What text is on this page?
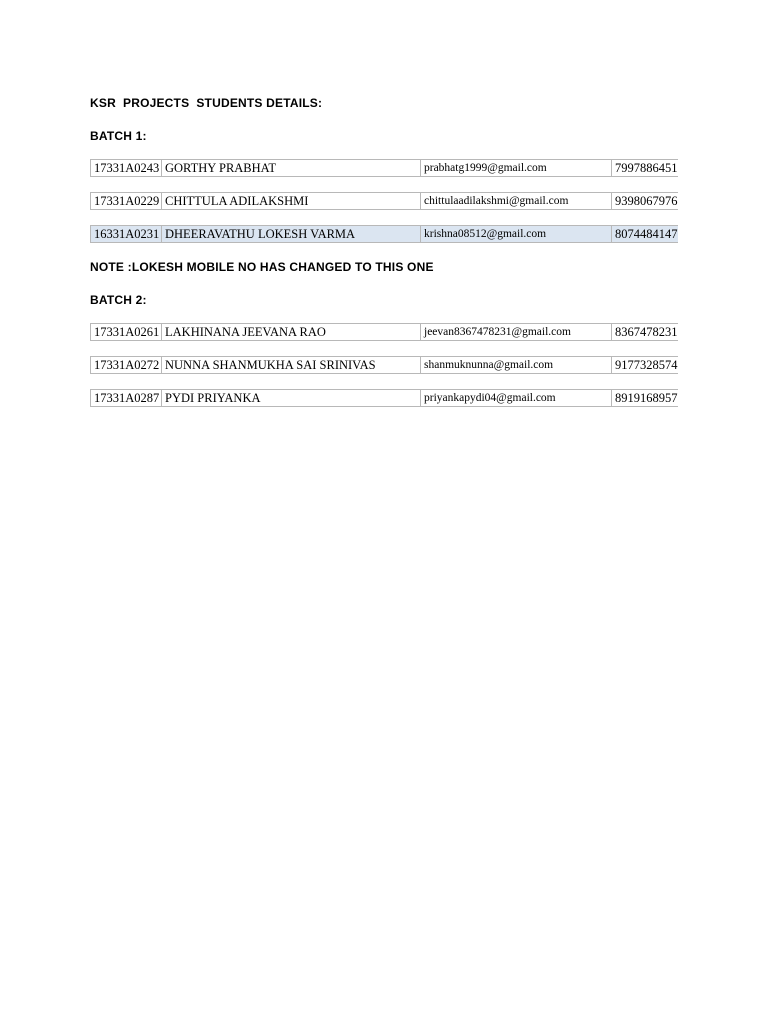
KSR  PROJECTS  STUDENTS DETAILS:
BATCH 1:
17331A0243 GORTHY PRABHAT	prabhatg1999@gmail.com	7997886451
17331A0229 CHITTULA ADILAKSHMI	chittulaadilakshmi@gmail.com	9398067976
16331A0231 DHEERAVATHU LOKESH VARMA	krishna08512@gmail.com	8074484147
NOTE :LOKESH MOBILE NO HAS CHANGED TO THIS ONE
BATCH 2:
17331A0261 LAKHINANA JEEVANA RAO	jeevan8367478231@gmail.com	8367478231
17331A0272 NUNNA SHANMUKHA SAI SRINIVAS	shanmuknunna@gmail.com	9177328574
17331A0287 PYDI PRIYANKA	priyankapydi04@gmail.com	8919168957
